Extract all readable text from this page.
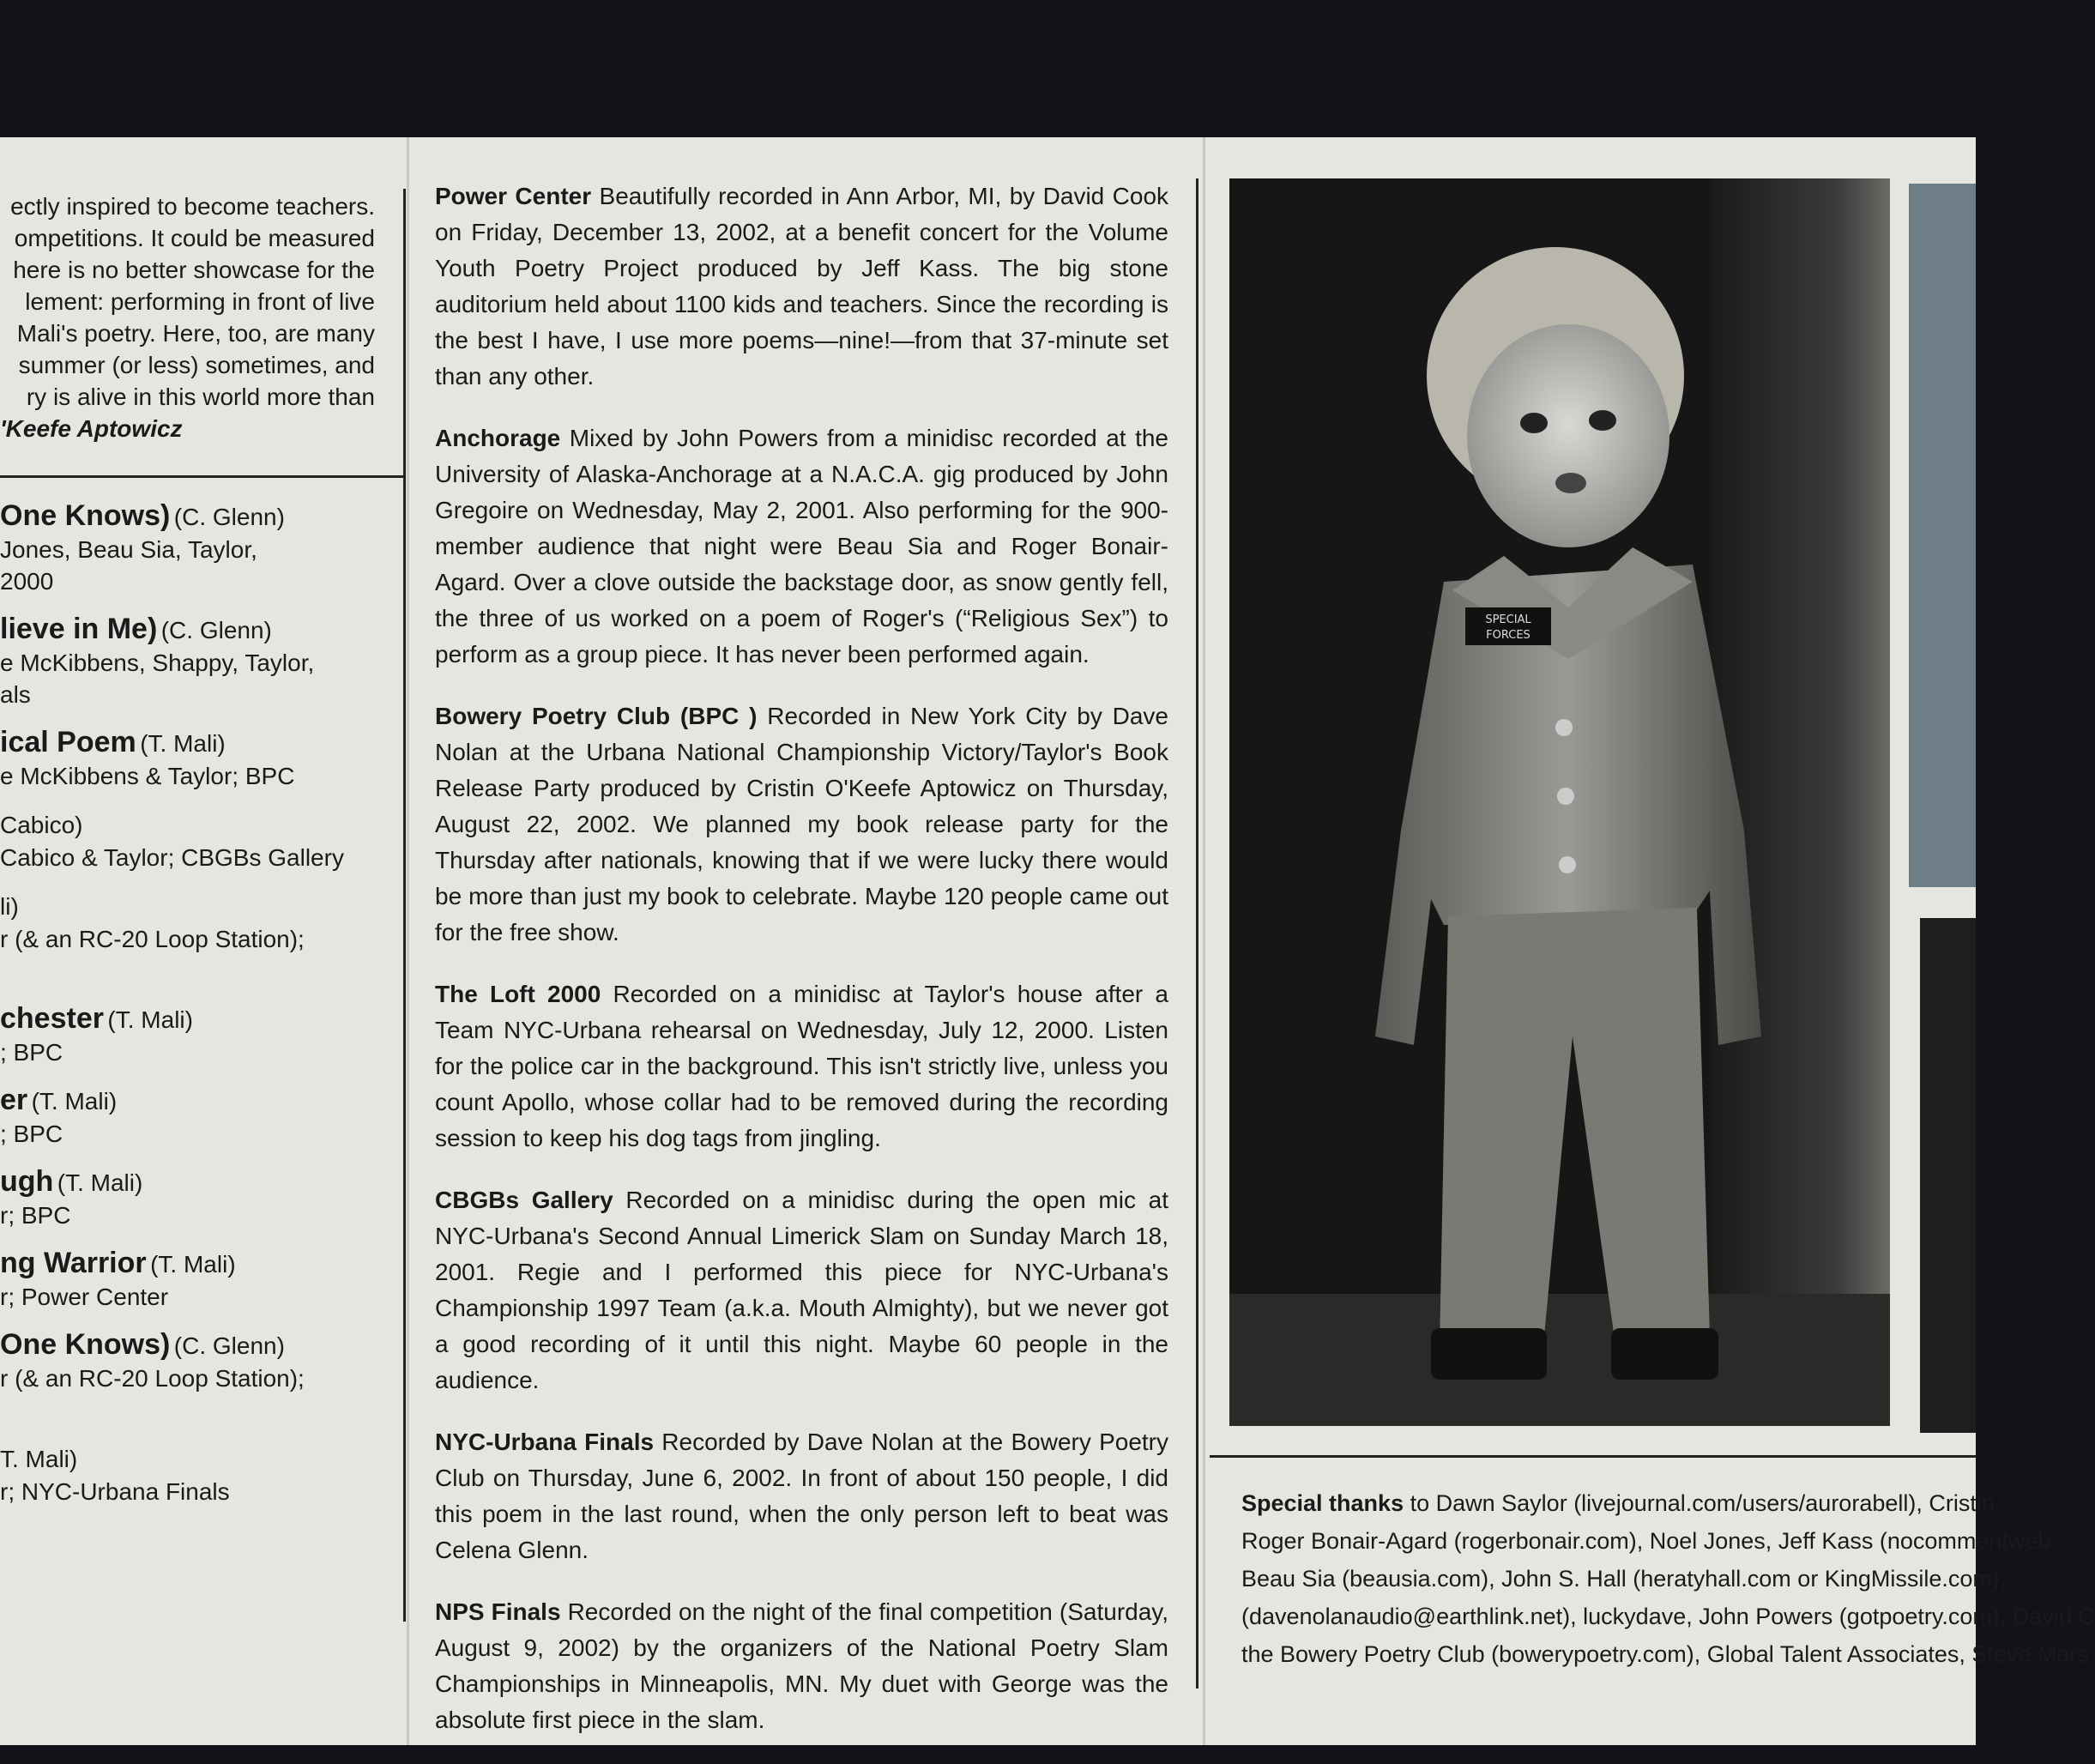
ectly inspired to become teachers.

ompetitions. It could be measured

here is no better showcase for the

lement: performing in front of live

Mali's poetry. Here, too, are many

summer (or less) sometimes, and

ry is alive in this world more than

'Keefe Aptowicz

One Knows) (C. Glenn)
Jones, Beau Sia, Taylor,
2000
lieve in Me) (C. Glenn)
e McKibbens, Shappy, Taylor,
als
ical Poem (T. Mali)
e McKibbens & Taylor; BPC
Cabico)
Cabico & Taylor; CBGBs Gallery
li)
r (& an RC-20 Loop Station);

chester (T. Mali)
; BPC
er (T. Mali)
; BPC
ugh (T. Mali)
r; BPC
ng Warrior (T. Mali)
r; Power Center
One Knows) (C. Glenn)
r (& an RC-20 Loop Station);

T. Mali)
r; NYC-Urbana Finals

Power Center Beautifully recorded in Ann Arbor, MI, by David Cook on Friday, December 13, 2002, at a benefit concert for the Volume Youth Poetry Project produced by Jeff Kass. The big stone auditorium held about 1100 kids and teachers. Since the recording is the best I have, I use more poems—nine!—from that 37-minute set than any other.

Anchorage Mixed by John Powers from a minidisc recorded at the University of Alaska-Anchorage at a N.A.C.A. gig produced by John Gregoire on Wednesday, May 2, 2001. Also performing for the 900-member audience that night were Beau Sia and Roger Bonair-Agard. Over a clove outside the backstage door, as snow gently fell, the three of us worked on a poem of Roger's (“Religious Sex”) to perform as a group piece. It has never been performed again.

Bowery Poetry Club (BPC ) Recorded in New York City by Dave Nolan at the Urbana National Championship Victory/Taylor's Book Release Party produced by Cristin O'Keefe Aptowicz on Thursday, August 22, 2002. We planned my book release party for the Thursday after nationals, knowing that if we were lucky there would be more than just my book to celebrate. Maybe 120 people came out for the free show.

The Loft 2000 Recorded on a minidisc at Taylor's house after a Team NYC-Urbana rehearsal on Wednesday, July 12, 2000. Listen for the police car in the background. This isn't strictly live, unless you count Apollo, whose collar had to be removed during the recording session to keep his dog tags from jingling.

CBGBs Gallery Recorded on a minidisc during the open mic at NYC-Urbana's Second Annual Limerick Slam on Sunday March 18, 2001. Regie and I performed this piece for NYC-Urbana's Championship 1997 Team (a.k.a. Mouth Almighty), but we never got a good recording of it until this night. Maybe 60 people in the audience.

NYC-Urbana Finals Recorded by Dave Nolan at the Bowery Poetry Club on Thursday, June 6, 2002. In front of about 150 people, I did this poem in the last round, when the only person left to beat was Celena Glenn.

NPS Finals Recorded on the night of the final competition (Saturday, August 9, 2002) by the organizers of the National Poetry Slam Championships in Minneapolis, MN. My duet with George was the absolute first piece in the slam.

SPECIAL
FORCES
Special thanks to Dawn Saylor (livejournal.com/users/aurorabell), Cristin
Roger Bonair-Agard (rogerbonair.com), Noel Jones, Jeff Kass (nocommentweb.
Beau Sia (beausia.com), John S. Hall (heratyhall.com or KingMissile.com),
(davenolanaudio@earthlink.net), luckydave, John Powers (gotpoetry.com), David C
the Bowery Poetry Club (bowerypoetry.com), Global Talent Associates, Steve Mars
